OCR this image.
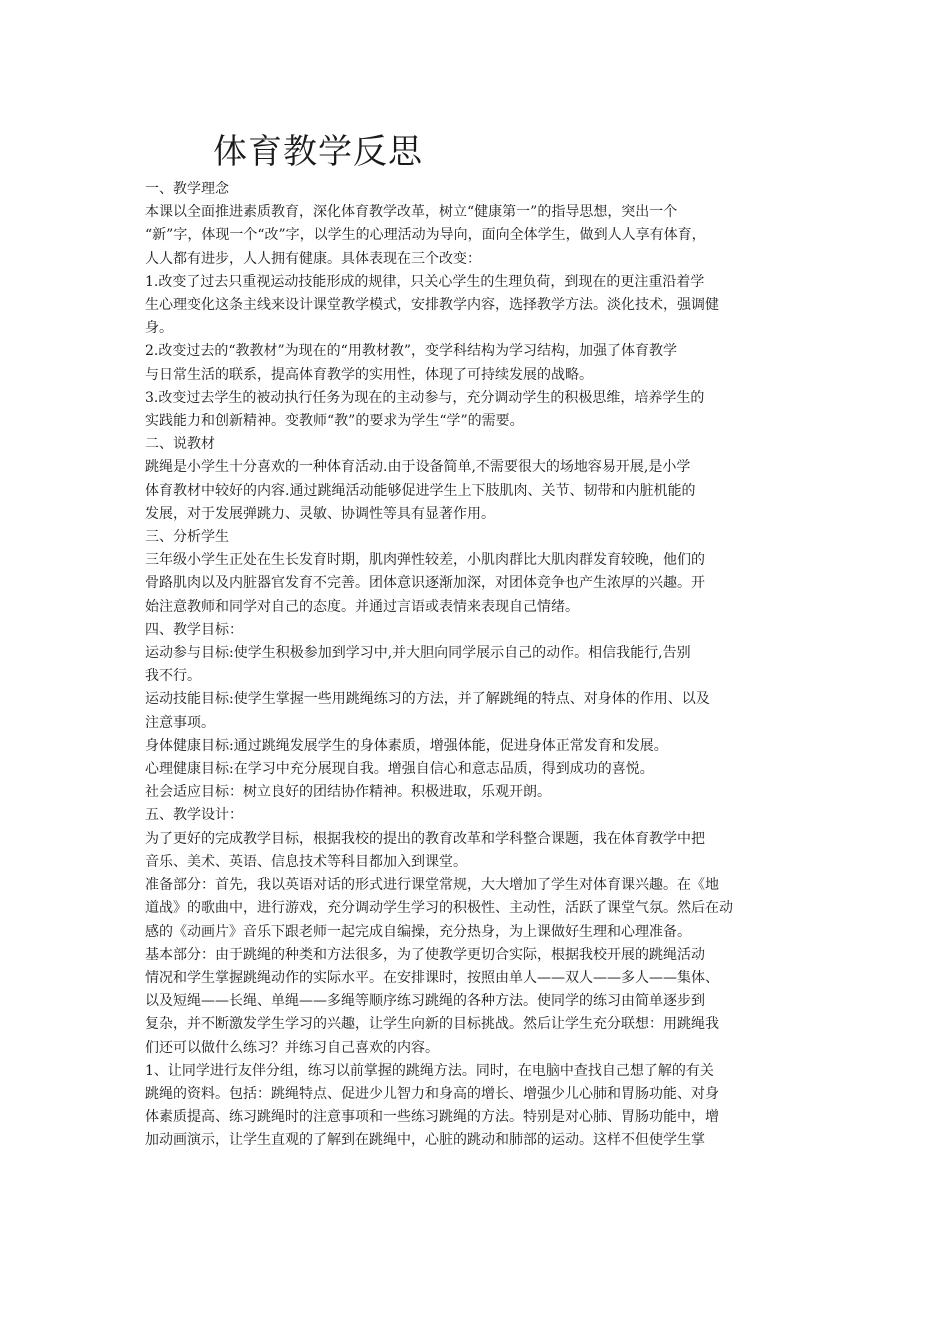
体育教学反思

一、教学理念

本课以全面推进素质教育，深化体育教学改革，树立“健康第一”的指导思想，突出一个

“新”字，体现一个“改”字，以学生的心理活动为导向，面向全体学生，做到人人享有体育，

人人都有进步，人人拥有健康。具体表现在三个改变：

1.改变了过去只重视运动技能形成的规律，只关心学生的生理负荷，到现在的更注重沿着学

生心理变化这条主线来设计课堂教学模式，安排教学内容，选择教学方法。淡化技术，强调健

身。

2.改变过去的“教教材”为现在的“用教材教”，变学科结构为学习结构，加强了体育教学

与日常生活的联系，提高体育教学的实用性，体现了可持续发展的战略。

3.改变过去学生的被动执行任务为现在的主动参与，充分调动学生的积极思维，培养学生的

实践能力和创新精神。变教师“教”的要求为学生“学”的需要。

二、说教材

跳绳是小学生十分喜欢的一种体育活动.由于设备简单,不需要很大的场地容易开展,是小学

体育教材中较好的内容.通过跳绳活动能够促进学生上下肢肌肉、关节、韧带和内脏机能的

发展，对于发展弹跳力、灵敏、协调性等具有显著作用。

三、分析学生

三年级小学生正处在生长发育时期，肌肉弹性较差，小肌肉群比大肌肉群发育较晚，他们的

骨路肌肉以及内脏器官发育不完善。团体意识逐渐加深，对团体竞争也产生浓厚的兴趣。开

始注意教师和同学对自己的态度。并通过言语或表情来表现自己情绪。

四、教学目标：

运动参与目标:使学生积极参加到学习中,并大胆向同学展示自己的动作。相信我能行,告别

我不行。

运动技能目标:使学生掌握一些用跳绳练习的方法，并了解跳绳的特点、对身体的作用、以及

注意事项。

身体健康目标:通过跳绳发展学生的身体素质，增强体能，促进身体正常发育和发展。

心理健康目标:在学习中充分展现自我。增强自信心和意志品质，得到成功的喜悦。

社会适应目标：树立良好的团结协作精神。积极进取，乐观开朗。

五、教学设计：

为了更好的完成教学目标，根据我校的提出的教育改革和学科整合课题，我在体育教学中把

音乐、美术、英语、信息技术等科目都加入到课堂。

准备部分：首先，我以英语对话的形式进行课堂常规，大大增加了学生对体育课兴趣。在《地

道战》的歌曲中，进行游戏，充分调动学生学习的积极性、主动性，活跃了课堂气氛。然后在动

感的《动画片》音乐下跟老师一起完成自编操，充分热身，为上课做好生理和心理准备。

基本部分：由于跳绳的种类和方法很多，为了使教学更切合实际，根据我校开展的跳绳活动

情况和学生掌握跳绳动作的实际水平。在安排课时，按照由单人——双人——多人——集体、

以及短绳——长绳、单绳——多绳等顺序练习跳绳的各种方法。使同学的练习由简单逐步到

复杂，并不断激发学生学习的兴趣，让学生向新的目标挑战。然后让学生充分联想：用跳绳我

们还可以做什么练习？并练习自己喜欢的内容。

1、让同学进行友伴分组，练习以前掌握的跳绳方法。同时，在电脑中查找自己想了解的有关

跳绳的资料。包括：跳绳特点、促进少儿智力和身高的增长、增强少儿心肺和胃肠功能、对身

体素质提高、练习跳绳时的注意事项和一些练习跳绳的方法。特别是对心肺、胃肠功能中，增

加动画演示，让学生直观的了解到在跳绳中，心脏的跳动和肺部的运动。这样不但使学生掌
